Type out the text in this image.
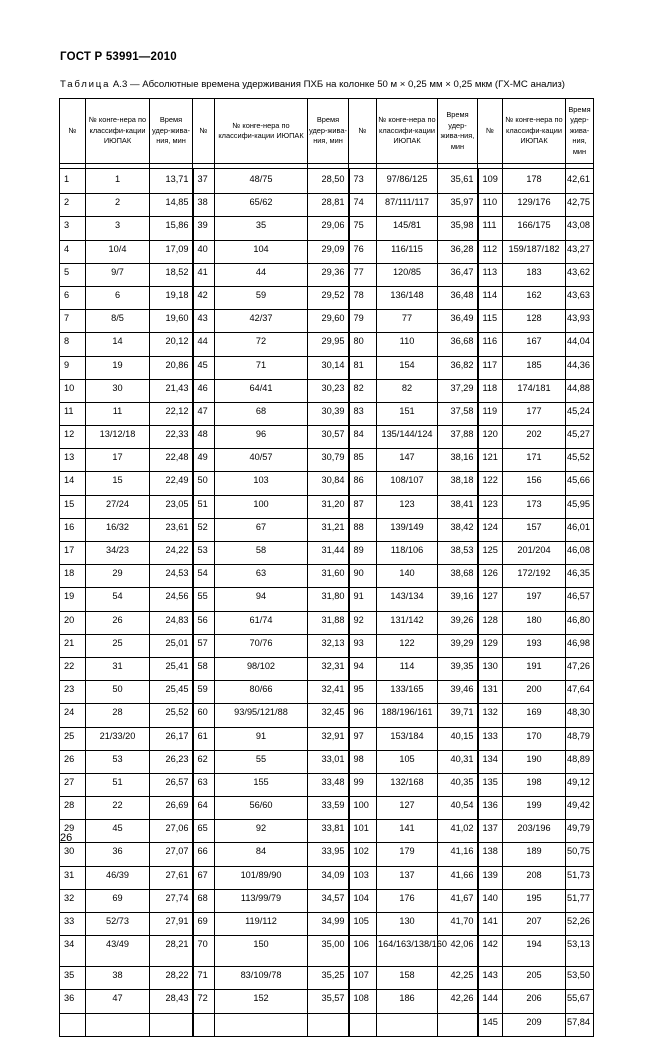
ГОСТ Р 53991—2010
Таблица А.3 — Абсолютные времена удерживания ПХБ на колонке 50 м × 0,25 мм × 0,25 мкм (ГХ-МС анализ)
№	№ конге-нера по классифи-кации ИЮПАК	Время удер-жива-ния, мин	№	№ конге-нера по классифи-кации ИЮПАК	Время удер-жива-ния, мин	№	№ конге-нера по классифи-кации ИЮПАК	Время удер-жива-ния, мин	№	№ конге-нера по классифи-кации ИЮПАК	Время удер-жива-ния, мин

1	1	13,71	37	48/75	28,50	73	97/86/125	35,61	109	178	42,61
2	2	14,85	38	65/62	28,81	74	87/111/117	35,97	110	129/176	42,75
3	3	15,86	39	35	29,06	75	145/81	35,98	111	166/175	43,08
4	10/4	17,09	40	104	29,09	76	116/115	36,28	112	159/187/182	43,27
5	9/7	18,52	41	44	29,36	77	120/85	36,47	113	183	43,62
6	6	19,18	42	59	29,52	78	136/148	36,48	114	162	43,63
7	8/5	19,60	43	42/37	29,60	79	77	36,49	115	128	43,93
8	14	20,12	44	72	29,95	80	110	36,68	116	167	44,04
9	19	20,86	45	71	30,14	81	154	36,82	117	185	44,36
10	30	21,43	46	64/41	30,23	82	82	37,29	118	174/181	44,88
11	11	22,12	47	68	30,39	83	151	37,58	119	177	45,24
12	13/12/18	22,33	48	96	30,57	84	135/144/124	37,88	120	202	45,27
13	17	22,48	49	40/57	30,79	85	147	38,16	121	171	45,52
14	15	22,49	50	103	30,84	86	108/107	38,18	122	156	45,66
15	27/24	23,05	51	100	31,20	87	123	38,41	123	173	45,95
16	16/32	23,61	52	67	31,21	88	139/149	38,42	124	157	46,01
17	34/23	24,22	53	58	31,44	89	118/106	38,53	125	201/204	46,08
18	29	24,53	54	63	31,60	90	140	38,68	126	172/192	46,35
19	54	24,56	55	94	31,80	91	143/134	39,16	127	197	46,57
20	26	24,83	56	61/74	31,88	92	131/142	39,26	128	180	46,80
21	25	25,01	57	70/76	32,13	93	122	39,29	129	193	46,98
22	31	25,41	58	98/102	32,31	94	114	39,35	130	191	47,26
23	50	25,45	59	80/66	32,41	95	133/165	39,46	131	200	47,64
24	28	25,52	60	93/95/121/88	32,45	96	188/196/161	39,71	132	169	48,30
25	21/33/20	26,17	61	91	32,91	97	153/184	40,15	133	170	48,79
26	53	26,23	62	55	33,01	98	105	40,31	134	190	48,89
27	51	26,57	63	155	33,48	99	132/168	40,35	135	198	49,12
28	22	26,69	64	56/60	33,59	100	127	40,54	136	199	49,42
29	45	27,06	65	92	33,81	101	141	41,02	137	203/196	49,79
30	36	27,07	66	84	33,95	102	179	41,16	138	189	50,75
31	46/39	27,61	67	101/89/90	34,09	103	137	41,66	139	208	51,73
32	69	27,74	68	113/99/79	34,57	104	176	41,67	140	195	51,77
33	52/73	27,91	69	119/112	34,99	105	130	41,70	141	207	52,26
34	43/49	28,21	70	150	35,00	106	164/163/138/160	42,06	142	194	53,13
35	38	28,22	71	83/109/78	35,25	107	158	42,25	143	205	53,50
36	47	28,43	72	152	35,57	108	186	42,26	144	206	55,67
									145	209	57,84
26
